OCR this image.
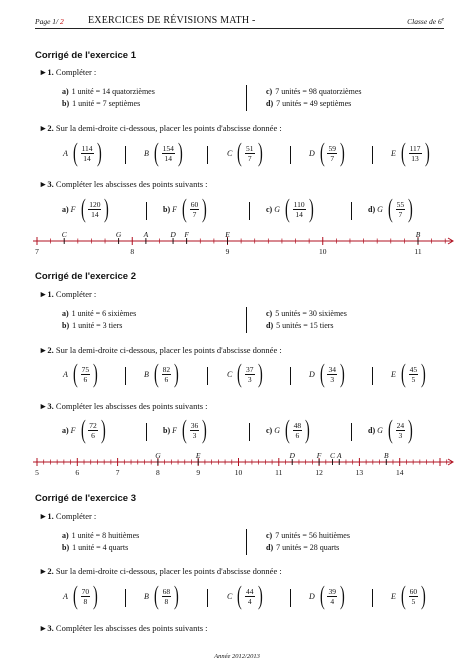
Page 1/ 2 EXERCICES DE RÉVISIONS MATH -	Classe de 6e
Corrigé de l'exercice 1
►1. Compléter :
a) 1 unité = 14 quatorzièmes
b) 1 unité = 7 septièmes
c) 7 unités = 98 quatorzièmes
d) 7 unités = 49 septièmes
►2. Sur la demi-droite ci-dessous, placer les points d'abscisse donnée :
A ( $\frac{114}{14}$ )	B ( $\frac{154}{14}$ )	C ( $\frac{51}{7}$ )	D ( $\frac{59}{7}$ )	E ( $\frac{117}{13}$ )
►3. Compléter les abscisses des points suivants :
a)
F ( $\frac{120}{14}$ )	b)
F ( $\frac{60}{7}$ )	c)
G ( $\frac{110}{14}$ )	d)
G ( $\frac{55}{7}$ )
7	8	9	10	11
C	G	A	D F	E	B
Corrigé de l'exercice 2
►1. Compléter :
a) 1 unité = 6 sixièmes
b) 1 unité = 3 tiers
c) 5 unités = 30 sixièmes
d) 5 unités = 15 tiers
►2. Sur la demi-droite ci-dessous, placer les points d'abscisse donnée :
A ( $\frac{75}{6}$ )	B ( $\frac{82}{6}$ )	C ( $\frac{37}{3}$ )	D ( $\frac{34}{3}$ )	E ( $\frac{45}{5}$ )
►3. Compléter les abscisses des points suivants :
a)
F ( $\frac{72}{6}$ )	b)
F ( $\frac{36}{3}$ )	c)
G ( $\frac{48}{6}$ )	d)
G ( $\frac{24}{3}$ )
5	6	7	8	9	10	11	12	13	14
G	E	D	F C A	B
Corrigé de l'exercice 3
►1. Compléter :
a) 1 unité = 8 huitièmes
b) 1 unité = 4 quarts
c) 7 unités = 56 huitièmes
d) 7 unités = 28 quarts
►2. Sur la demi-droite ci-dessous, placer les points d'abscisse donnée :
A ( $\frac{70}{8}$ )	B ( $\frac{68}{8}$ )	C ( $\frac{44}{4}$ )	D ( $\frac{39}{4}$ )	E ( $\frac{60}{5}$ )
►3. Compléter les abscisses des points suivants :
Année 2012/2013
